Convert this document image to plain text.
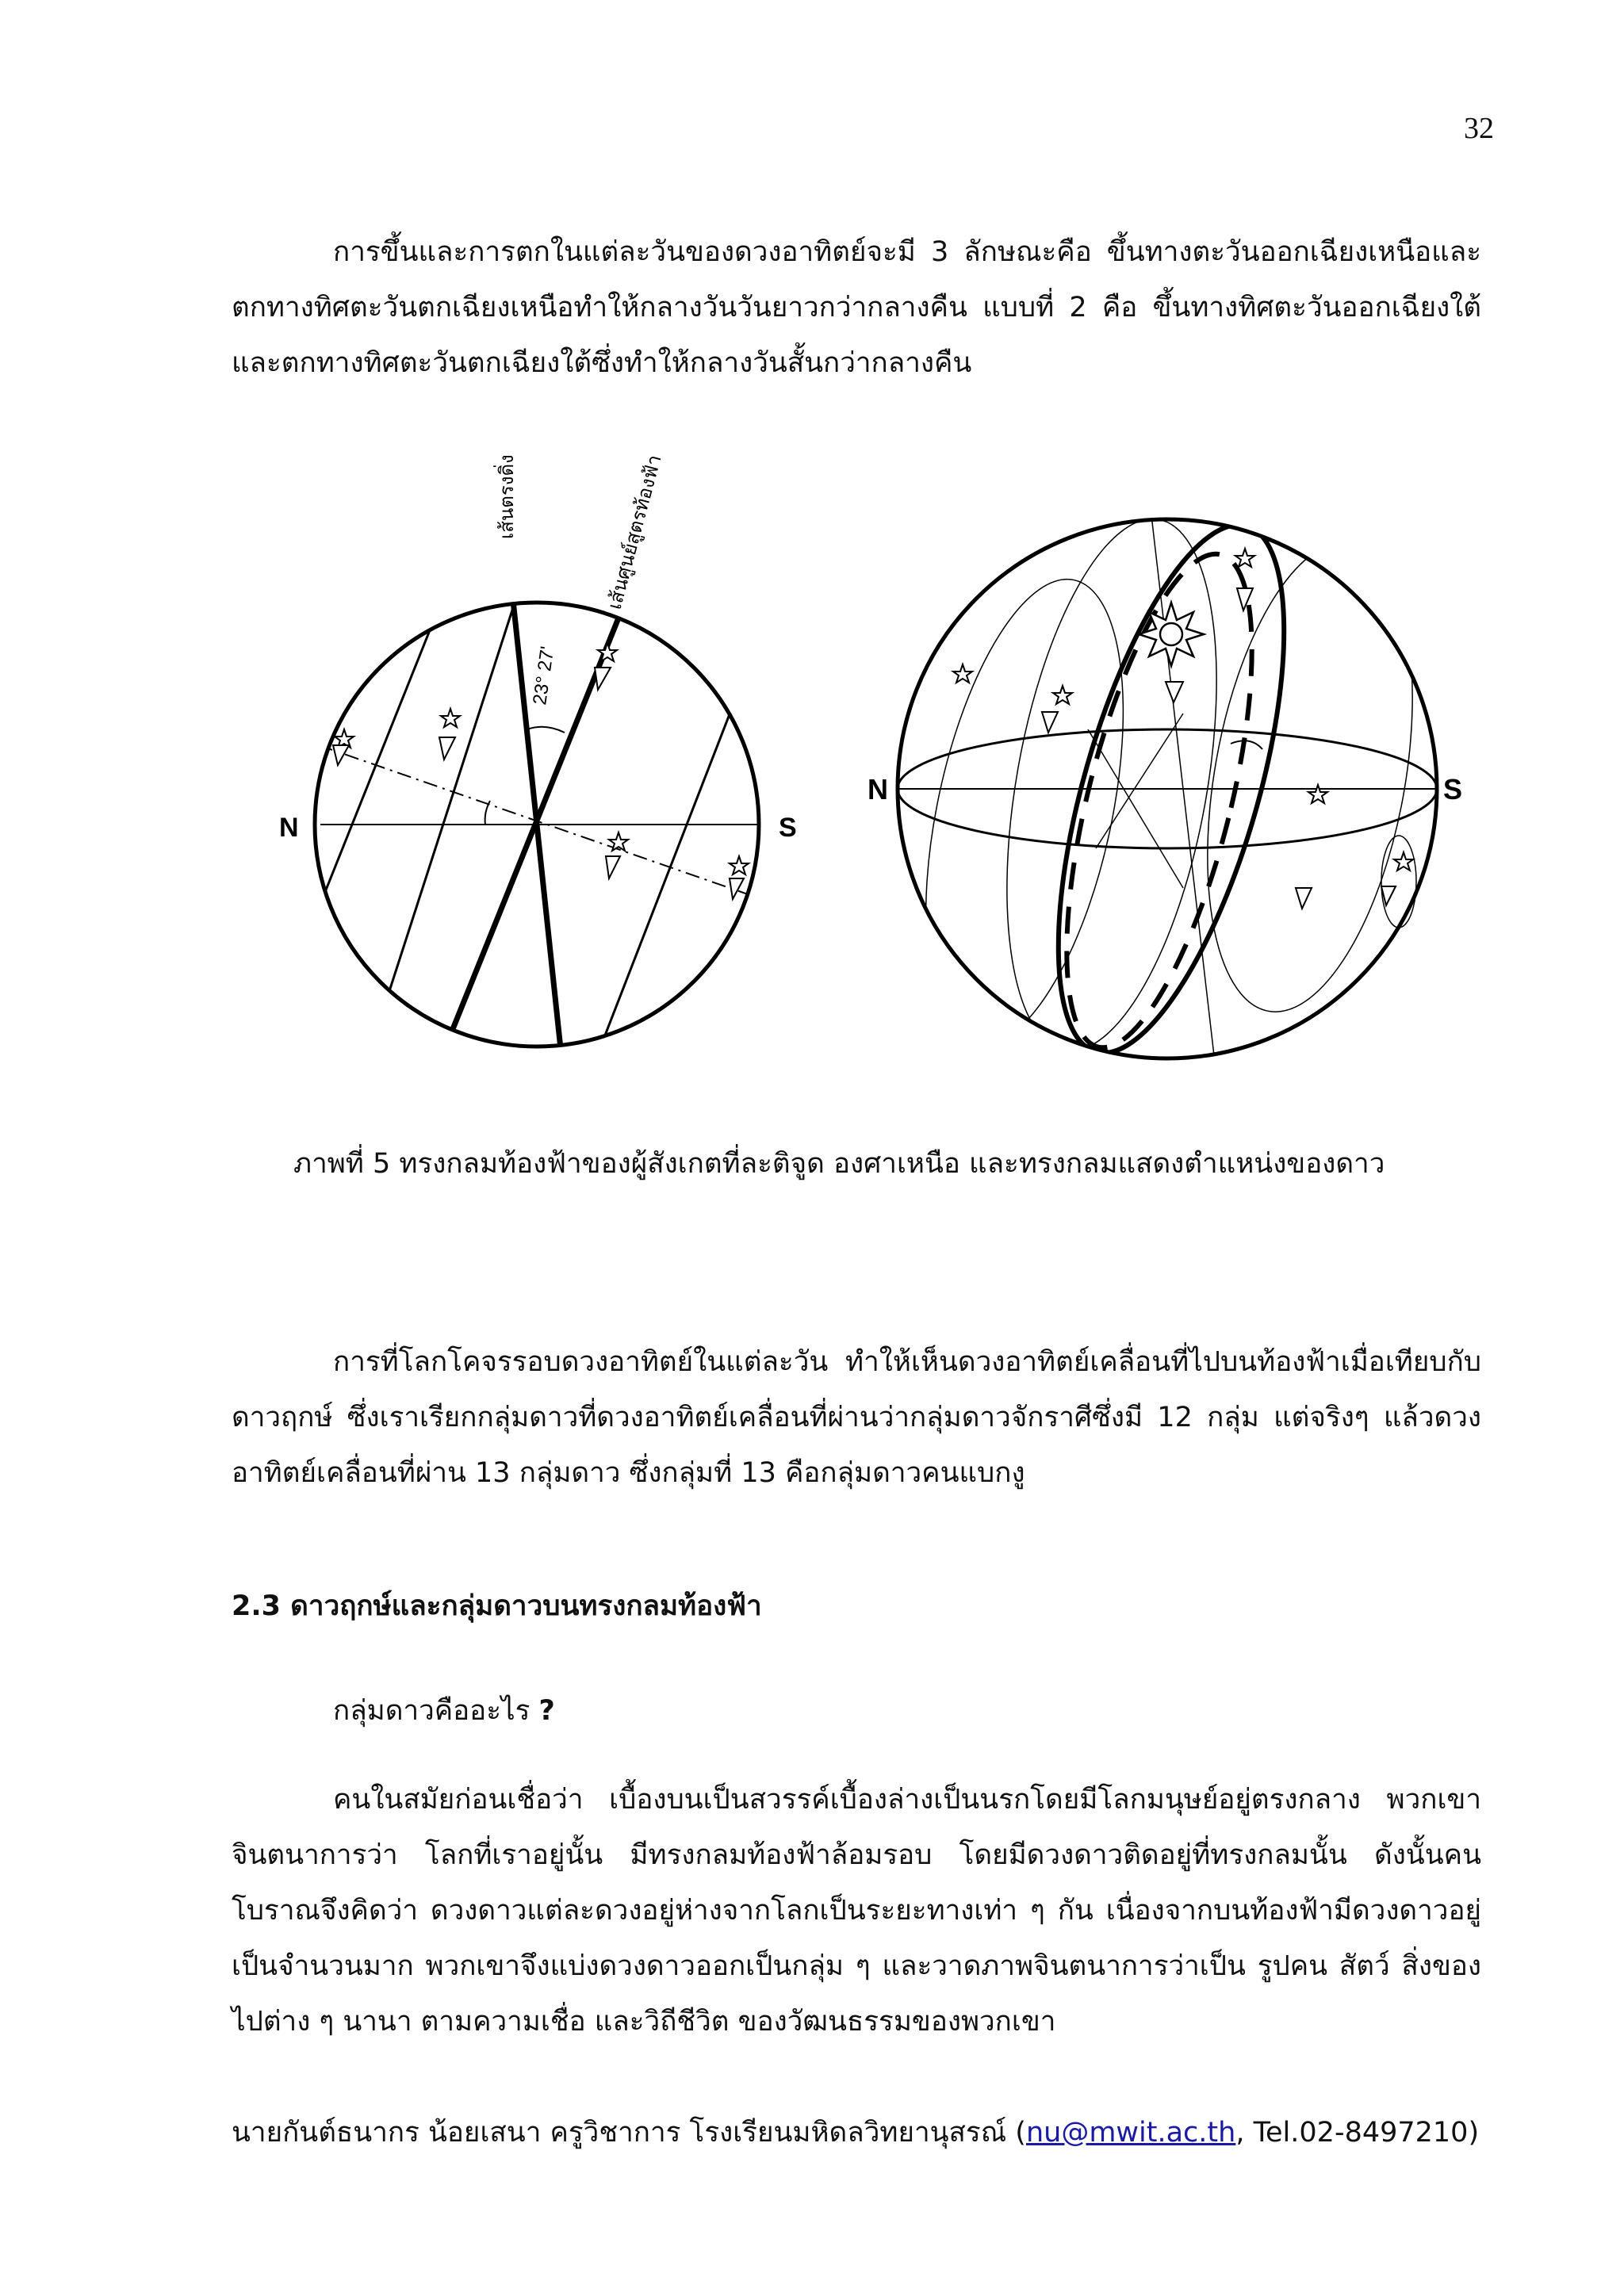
32

การขึ้นและการตกในแต่ละวันของดวงอาทิตย์จะมี 3 ลักษณะคือ ขึ้นทางตะวันออกเฉียงเหนือและตกทางทิศตะวันตกเฉียงเหนือทำให้กลางวันวันยาวกว่ากลางคืน แบบที่ 2 คือ ขึ้นทางทิศตะวันออกเฉียงใต้และตกทางทิศตะวันตกเฉียงใต้ซึ่งทำให้กลางวันสั้นกว่ากลางคืน

N	S
23° 27'
เส้นตรงดิ่ง	เส้นศูนย์สูตรท้องฟ้า
N	S
ภาพที่ 5 ทรงกลมท้องฟ้าของผู้สังเกตที่ละติจูด องศาเหนือ และทรงกลมแสดงตำแหน่งของดาว

การที่โลกโคจรรอบดวงอาทิตย์ในแต่ละวัน ทำให้เห็นดวงอาทิตย์เคลื่อนที่ไปบนท้องฟ้าเมื่อเทียบกับดาวฤกษ์ ซึ่งเราเรียกกลุ่มดาวที่ดวงอาทิตย์เคลื่อนที่ผ่านว่ากลุ่มดาวจักราศีซึ่งมี 12 กลุ่ม แต่จริงๆ แล้วดวงอาทิตย์เคลื่อนที่ผ่าน 13 กลุ่มดาว ซึ่งกลุ่มที่ 13 คือกลุ่มดาวคนแบกงู

2.3 ดาวฤกษ์และกลุ่มดาวบนทรงกลมท้องฟ้า
กลุ่มดาวคืออะไร ?

คนในสมัยก่อนเชื่อว่า เบื้องบนเป็นสวรรค์เบื้องล่างเป็นนรกโดยมีโลกมนุษย์อยู่ตรงกลาง พวกเขาจินตนาการว่า โลกที่เราอยู่นั้น มีทรงกลมท้องฟ้าล้อมรอบ โดยมีดวงดาวติดอยู่ที่ทรงกลมนั้น ดังนั้นคนโบราณจึงคิดว่า ดวงดาวแต่ละดวงอยู่ห่างจากโลกเป็นระยะทางเท่า ๆ กัน เนื่องจากบนท้องฟ้ามีดวงดาวอยู่เป็นจำนวนมาก พวกเขาจึงแบ่งดวงดาวออกเป็นกลุ่ม ๆ และวาดภาพจินตนาการว่าเป็น รูปคน สัตว์ สิ่งของ ไปต่าง ๆ นานา ตามความเชื่อ และวิถีชีวิต ของวัฒนธรรมของพวกเขา

นายกันต์ธนากร น้อยเสนา ครูวิชาการ โรงเรียนมหิดลวิทยานุสรณ์ (nu@mwit.ac.th, Tel.02-8497210)
